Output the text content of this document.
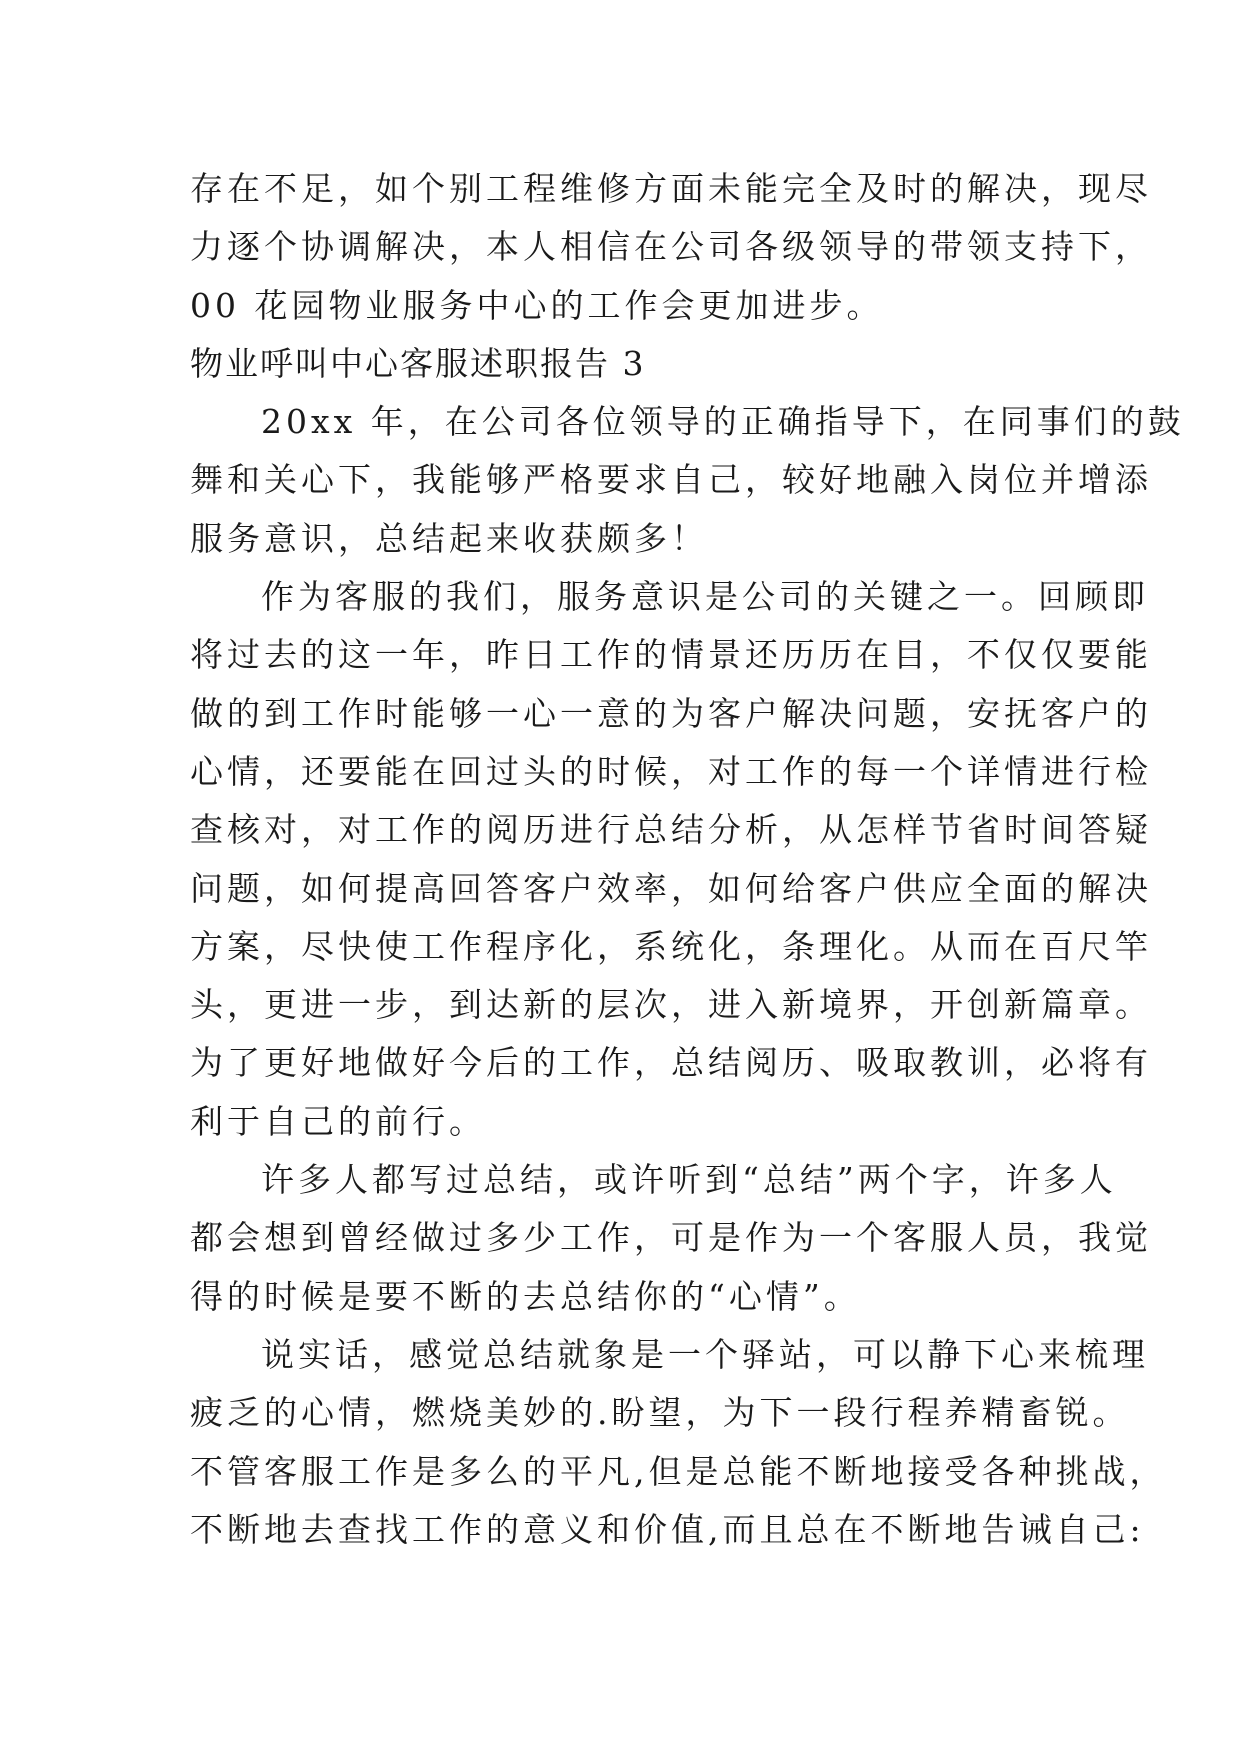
存在不足，如个别工程维修方面未能完全及时的解决，现尽
力逐个协调解决，本人相信在公司各级领导的带领支持下，
00 花园物业服务中心的工作会更加进步。
物业呼叫中心客服述职报告 3
20xx 年，在公司各位领导的正确指导下，在同事们的鼓
舞和关心下，我能够严格要求自己，较好地融入岗位并增添
服务意识，总结起来收获颇多！
作为客服的我们，服务意识是公司的关键之一。回顾即
将过去的这一年，昨日工作的情景还历历在目，不仅仅要能
做的到工作时能够一心一意的为客户解决问题，安抚客户的
心情，还要能在回过头的时候，对工作的每一个详情进行检
查核对，对工作的阅历进行总结分析，从怎样节省时间答疑
问题，如何提高回答客户效率，如何给客户供应全面的解决
方案，尽快使工作程序化，系统化，条理化。从而在百尺竿
头，更进一步，到达新的层次，进入新境界，开创新篇章。
为了更好地做好今后的工作，总结阅历、吸取教训，必将有
利于自己的前行。
许多人都写过总结，或许听到“总结”两个字，许多人
都会想到曾经做过多少工作，可是作为一个客服人员，我觉
得的时候是要不断的去总结你的“心情”。
说实话，感觉总结就象是一个驿站，可以静下心来梳理
疲乏的心情，燃烧美妙的.盼望，为下一段行程养精畜锐。
不管客服工作是多么的平凡,但是总能不断地接受各种挑战，
不断地去查找工作的意义和价值,而且总在不断地告诫自己:
